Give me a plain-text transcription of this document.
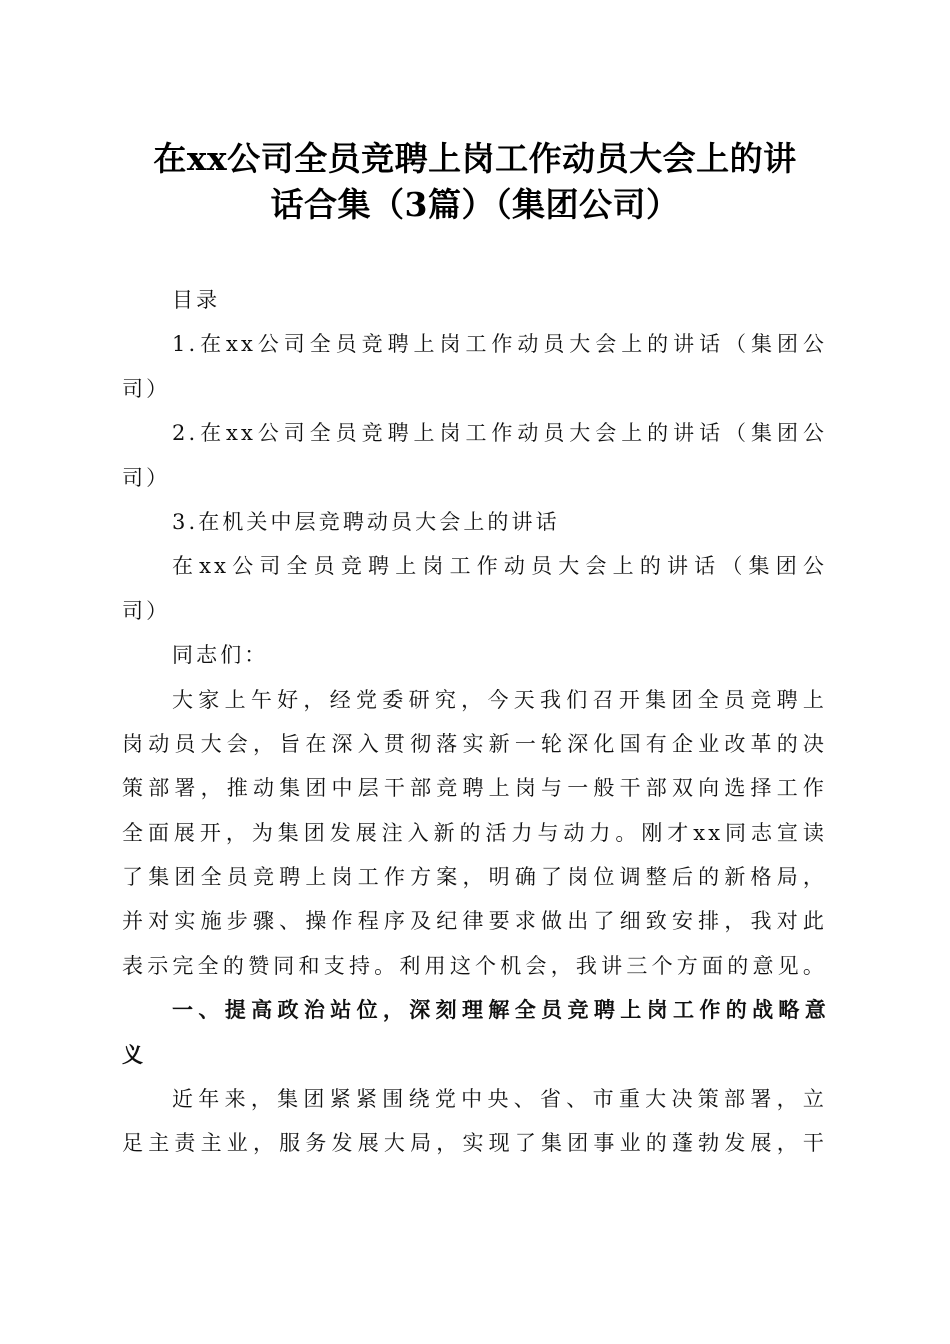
在xx公司全员竞聘上岗工作动员大会上的讲
话合集（3篇）（集团公司）
目录
1.在xx公司全员竞聘上岗工作动员大会上的讲话（集团公
司）
2.在xx公司全员竞聘上岗工作动员大会上的讲话（集团公
司）
3.在机关中层竞聘动员大会上的讲话
在xx公司全员竞聘上岗工作动员大会上的讲话（集团公
司）
同志们：
大家上午好，经党委研究，今天我们召开集团全员竞聘上
岗动员大会，旨在深入贯彻落实新一轮深化国有企业改革的决
策部署，推动集团中层干部竞聘上岗与一般干部双向选择工作
全面展开，为集团发展注入新的活力与动力。刚才xx同志宣读
了集团全员竞聘上岗工作方案，明确了岗位调整后的新格局，
并对实施步骤、操作程序及纪律要求做出了细致安排，我对此
表示完全的赞同和支持。利用这个机会，我讲三个方面的意见。
一、提高政治站位，深刻理解全员竞聘上岗工作的战略意
义
近年来，集团紧紧围绕党中央、省、市重大决策部署，立
足主责主业，服务发展大局，实现了集团事业的蓬勃发展，干
